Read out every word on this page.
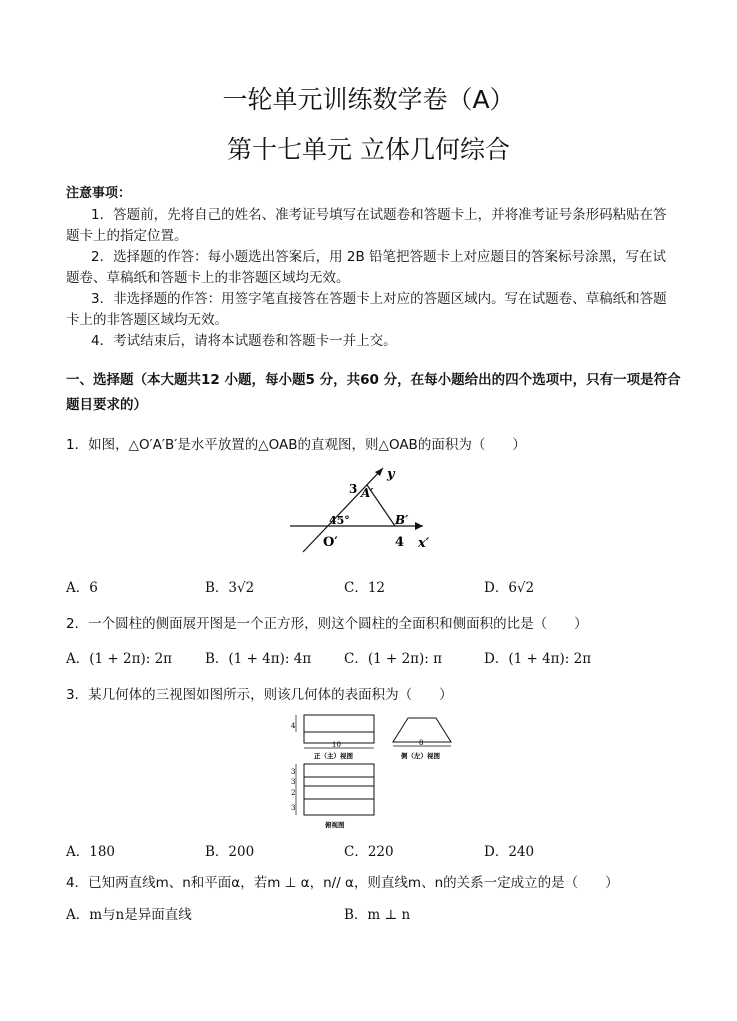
一轮单元训练数学卷（A）
第十七单元 立体几何综合
注意事项：
1．答题前，先将自己的姓名、准考证号填写在试题卷和答题卡上，并将准考证号条形码粘贴在答题卡上的指定位置。
2．选择题的作答：每小题选出答案后，用 2B 铅笔把答题卡上对应题目的答案标号涂黑，写在试题卷、草稿纸和答题卡上的非答题区域均无效。
3．非选择题的作答：用签字笔直接答在答题卡上对应的答题区域内。写在试题卷、草稿纸和答题卡上的非答题区域均无效。
4．考试结束后，请将本试题卷和答题卡一并上交。
一、选择题（本大题共12 小题，每小题5 分，共60 分，在每小题给出的四个选项中，只有一项是符合题目要求的）
1．如图，△O′A′B′是水平放置的△OAB的直观图，则△OAB的面积为（　　）
y
3 A′
45°	B′
O′	4 x′
A．6	B．3√2	C．12	D．6√2
2．一个圆柱的侧面展开图是一个正方形，则这个圆柱的全面积和侧面积的比是（　　）
A．(1 + 2π): 2π B．(1 + 4π): 4π C．(1 + 2π): π	D．(1 + 4π): 2π
3．某几何体的三视图如图所示，则该几何体的表面积为（　　）
4
10
正（主）视图
8
侧（左）视图
3
3
2
3
俯视图
A．180	B．200	C．220	D．240
4．已知两直线m、n和平面α，若m ⊥ α，n// α，则直线m、n的关系一定成立的是（　　）
A．m与n是异面直线	B．m ⊥ n
